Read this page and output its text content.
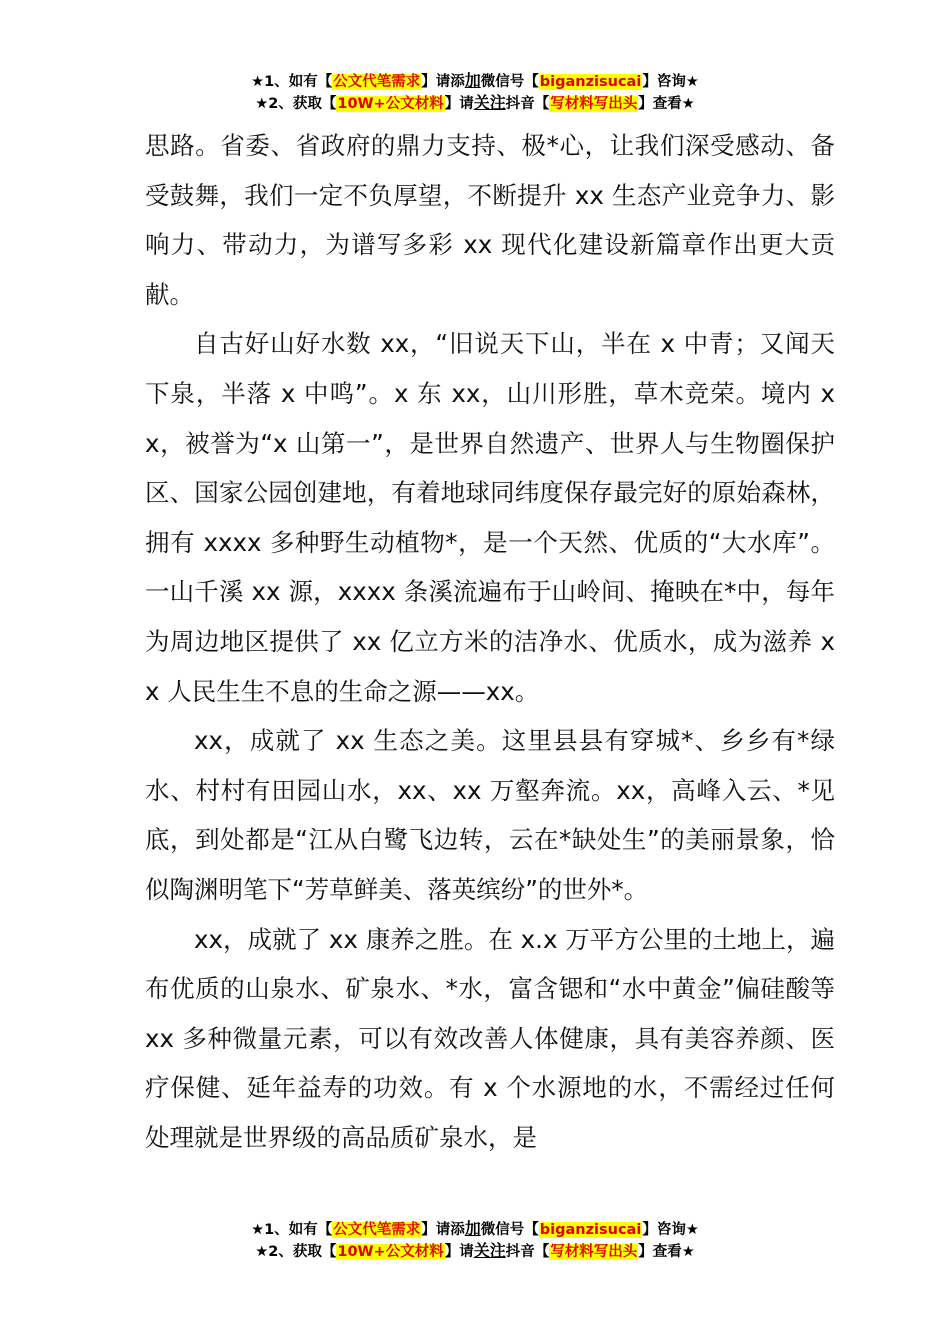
★1、如有【公文代笔需求】请添加微信号【biganzisucai】咨询★
★2、获取【10W+公文材料】请关注抖音【写材料写出头】查看★

思路。省委、省政府的鼎力支持、极*心，让我们深受感动、备受鼓舞，我们一定不负厚望，不断提升 xx 生态产业竞争力、影响力、带动力，为谱写多彩 xx 现代化建设新篇章作出更大贡献。

自古好山好水数 xx，“旧说天下山，半在 x 中青；又闻天下泉，半落 x 中鸣”。x 东 xx，山川形胜，草木竞荣。境内 xx，被誉为“x 山第一”，是世界自然遗产、世界人与生物圈保护区、国家公园创建地，有着地球同纬度保存最完好的原始森林，拥有 xxxx 多种野生动植物*，是一个天然、优质的“大水库”。一山千溪 xx 源，xxxx 条溪流遍布于山岭间、掩映在*中，每年为周边地区提供了 xx 亿立方米的洁净水、优质水，成为滋养 xx 人民生生不息的生命之源——xx。

xx，成就了 xx 生态之美。这里县县有穿城*、乡乡有*绿水、村村有田园山水，xx、xx 万壑奔流。xx，高峰入云、*见底，到处都是“江从白鹭飞边转，云在*缺处生”的美丽景象，恰似陶渊明笔下“芳草鲜美、落英缤纷”的世外*。

xx，成就了 xx 康养之胜。在 x.x 万平方公里的土地上，遍布优质的山泉水、矿泉水、*水，富含锶和“水中黄金”偏硅酸等 xx 多种微量元素，可以有效改善人体健康，具有美容养颜、医疗保健、延年益寿的功效。有 x 个水源地的水，不需经过任何处理就是世界级的高品质矿泉水，是

★1、如有【公文代笔需求】请添加微信号【biganzisucai】咨询★
★2、获取【10W+公文材料】请关注抖音【写材料写出头】查看★
